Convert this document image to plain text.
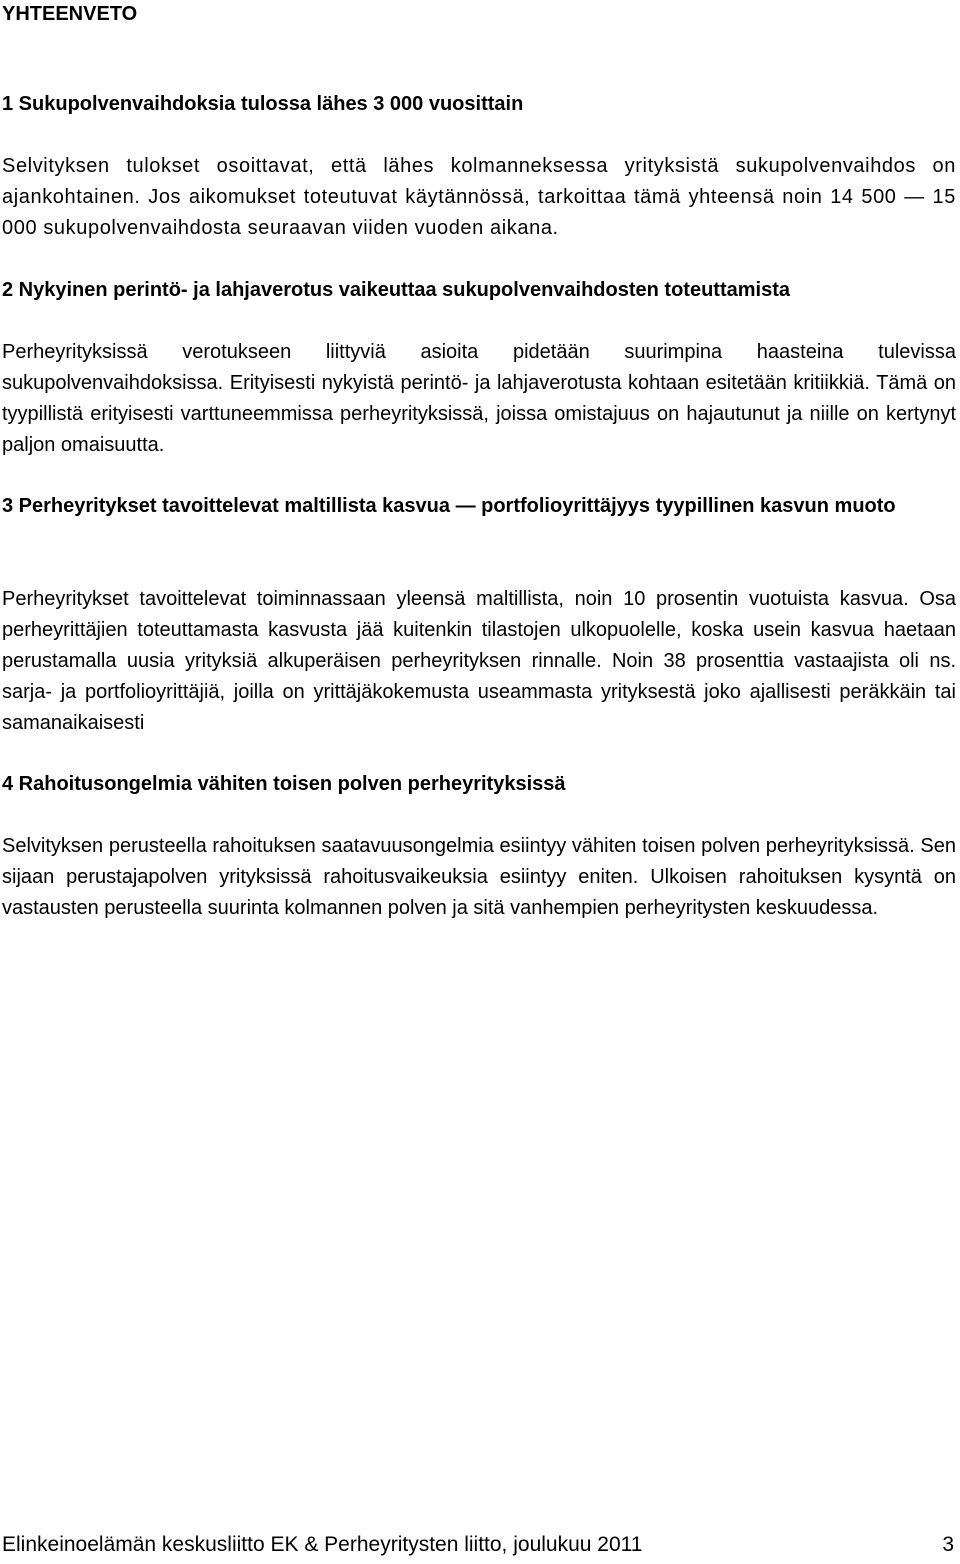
YHTEENVETO
1 Sukupolvenvaihdoksia tulossa lähes 3 000 vuosittain

Selvityksen tulokset osoittavat, että lähes kolmanneksessa yrityksistä sukupolvenvaihdos on ajankohtainen. Jos aikomukset toteutuvat käytännössä, tarkoittaa tämä yhteensä noin 14 500 — 15 000 sukupolvenvaihdosta seuraavan viiden vuoden aikana.

2 Nykyinen perintö- ja lahjaverotus vaikeuttaa sukupolvenvaihdosten toteuttamista

Perheyrityksissä verotukseen liittyviä asioita pidetään suurimpina haasteina tulevissa sukupolvenvaihdoksissa. Erityisesti nykyistä perintö- ja lahjaverotusta kohtaan esitetään kritiikkiä. Tämä on tyypillistä erityisesti varttuneemmissa perheyrityksissä, joissa omistajuus on hajautunut ja niille on kertynyt paljon omaisuutta.

3 Perheyritykset tavoittelevat maltillista kasvua — portfolioyrittäjyys tyypillinen kasvun muoto

Perheyritykset tavoittelevat toiminnassaan yleensä maltillista, noin 10 prosentin vuotuista kasvua. Osa perheyrittäjien toteuttamasta kasvusta jää kuitenkin tilastojen ulkopuolelle, koska usein kasvua haetaan perustamalla uusia yrityksiä alkuperäisen perheyrityksen rinnalle. Noin 38 prosenttia vastaajista oli ns. sarja- ja portfolioyrittäjiä, joilla on yrittäjäkokemusta useammasta yrityksestä joko ajallisesti peräkkäin tai samanaikaisesti

4 Rahoitusongelmia vähiten toisen polven perheyrityksissä

Selvityksen perusteella rahoituksen saatavuusongelmia esiintyy vähiten toisen polven perheyrityksissä. Sen sijaan perustajapolven yrityksissä rahoitusvaikeuksia esiintyy eniten. Ulkoisen rahoituksen kysyntä on vastausten perusteella suurinta kolmannen polven ja sitä vanhempien perheyritysten keskuudessa.

Elinkeinoelämän keskusliitto EK & Perheyritysten liitto, joulukuu 2011	3
